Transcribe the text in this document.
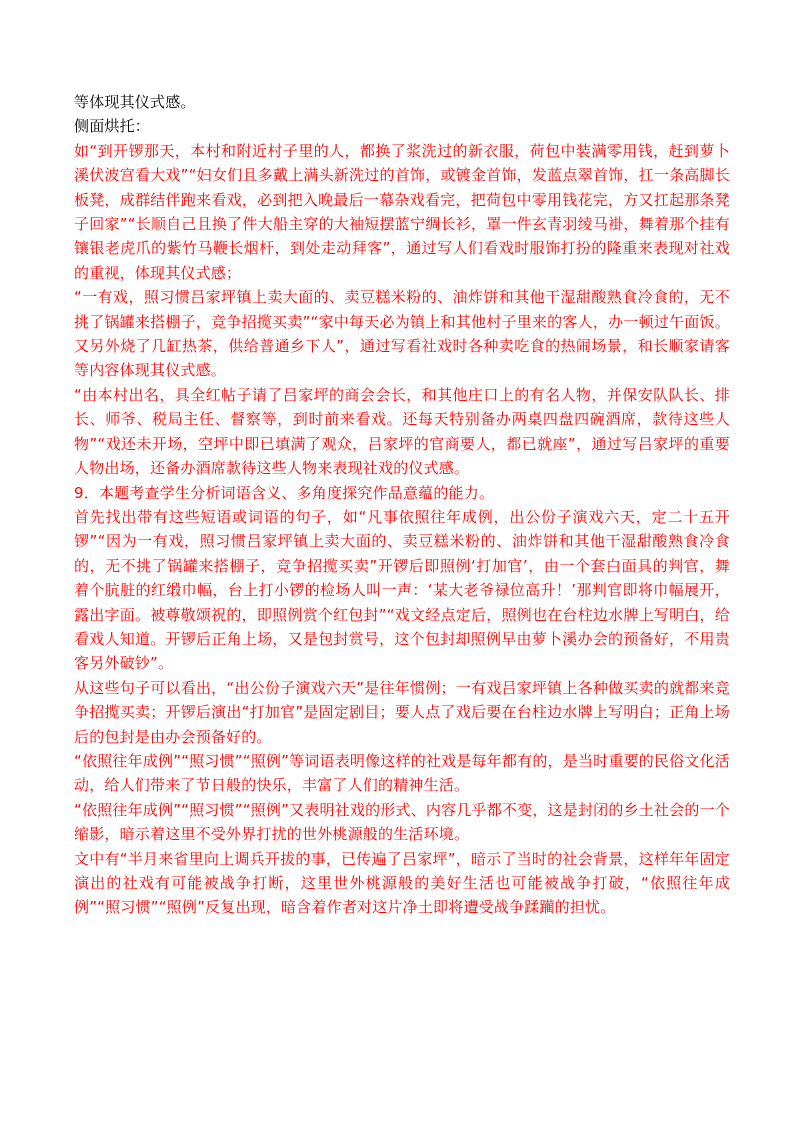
等体现其仪式感。

侧面烘托：

如“到开锣那天，本村和附近村子里的人，都换了浆洗过的新衣服，荷包中装满零用钱，赶到萝卜溪伏波宫看大戏”“妇女们且多戴上满头新洗过的首饰，或镀金首饰，发蓝点翠首饰，扛一条高脚长板凳，成群结伴跑来看戏，必到把入晚最后一幕杂戏看完，把荷包中零用钱花完，方又扛起那条凳子回家”“长顺自己且换了件大船主穿的大袖短摆蓝宁绸长衫，罩一件玄青羽绫马褂，舞着那个挂有镶银老虎爪的紫竹马鞭长烟杆，到处走动拜客”，通过写人们看戏时服饰打扮的隆重来表现对社戏的重视，体现其仪式感；

“一有戏，照习惯吕家坪镇上卖大面的、卖豆糕米粉的、油炸饼和其他干湿甜酸熟食冷食的，无不挑了锅罐来搭棚子，竞争招揽买卖”“家中每天必为镇上和其他村子里来的客人，办一顿过午面饭。又另外烧了几缸热茶，供给普通乡下人”，通过写看社戏时各种卖吃食的热闹场景，和长顺家请客等内容体现其仪式感。

“由本村出名，具全红帖子请了吕家坪的商会会长，和其他庄口上的有名人物，并保安队队长、排长、师爷、税局主任、督察等，到时前来看戏。还每天特别备办两桌四盘四碗酒席，款待这些人物”“戏还未开场，空坪中即已填满了观众，吕家坪的官商要人，都已就座”，通过写吕家坪的重要人物出场，还备办酒席款待这些人物来表现社戏的仪式感。

9．本题考查学生分析词语含义、多角度探究作品意蕴的能力。

首先找出带有这些短语或词语的句子，如“凡事依照往年成例，出公份子演戏六天，定二十五开锣”“因为一有戏，照习惯吕家坪镇上卖大面的、卖豆糕米粉的、油炸饼和其他干湿甜酸熟食冷食的，无不挑了锅罐来搭棚子，竞争招揽买卖”开锣后即照例‘打加官’，由一个套白面具的判官，舞着个肮脏的红缎巾幅，台上打小锣的检场人叫一声：‘某大老爷禄位高升！’那判官即将巾幅展开，露出字面。被尊敬颂祝的，即照例赏个红包封”“戏文经点定后，照例也在台柱边水牌上写明白，给看戏人知道。开锣后正角上场，又是包封赏号，这个包封却照例早由萝卜溪办会的预备好，不用贵客另外破钞”。

从这些句子可以看出，“出公份子演戏六天”是往年惯例；一有戏吕家坪镇上各种做买卖的就都来竞争招揽买卖；开锣后演出“打加官”是固定剧目；要人点了戏后要在台柱边水牌上写明白；正角上场后的包封是由办会预备好的。

“依照往年成例”“照习惯”“照例”等词语表明像这样的社戏是每年都有的，是当时重要的民俗文化活动，给人们带来了节日般的快乐，丰富了人们的精神生活。

“依照往年成例”“照习惯”“照例”又表明社戏的形式、内容几乎都不变，这是封闭的乡土社会的一个缩影，暗示着这里不受外界打扰的世外桃源般的生活环境。

文中有“半月来省里向上调兵开拔的事，已传遍了吕家坪”，暗示了当时的社会背景，这样年年固定演出的社戏有可能被战争打断，这里世外桃源般的美好生活也可能被战争打破，“依照往年成例”“照习惯”“照例”反复出现，暗含着作者对这片净土即将遭受战争蹂躏的担忧。
